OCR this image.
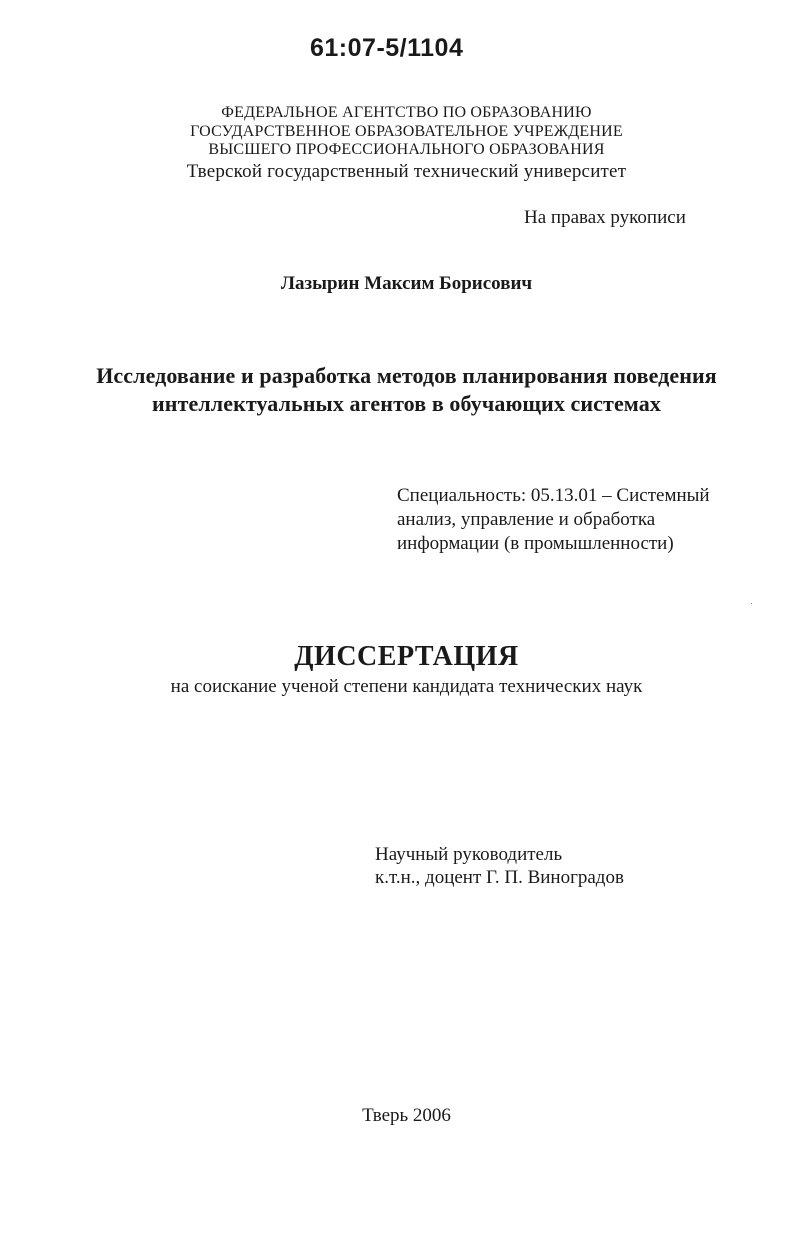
61:07-5/1104

ФЕДЕРАЛЬНОЕ АГЕНТСТВО ПО ОБРАЗОВАНИЮ

ГОСУДАРСТВЕННОЕ ОБРАЗОВАТЕЛЬНОЕ УЧРЕЖДЕНИЕ

ВЫСШЕГО ПРОФЕССИОНАЛЬНОГО ОБРАЗОВАНИЯ

Тверской государственный технический университет

На правах рукописи

Лазырин Максим Борисович

Исследование и разработка методов планирования поведения

интеллектуальных агентов в обучающих системах

Специальность: 05.13.01 – Системный

анализ, управление и обработка

информации (в промышленности)

ДИССЕРТАЦИЯ

на соискание ученой степени кандидата технических наук

Научный руководитель

к.т.н., доцент Г. П. Виноградов

Тверь 2006
